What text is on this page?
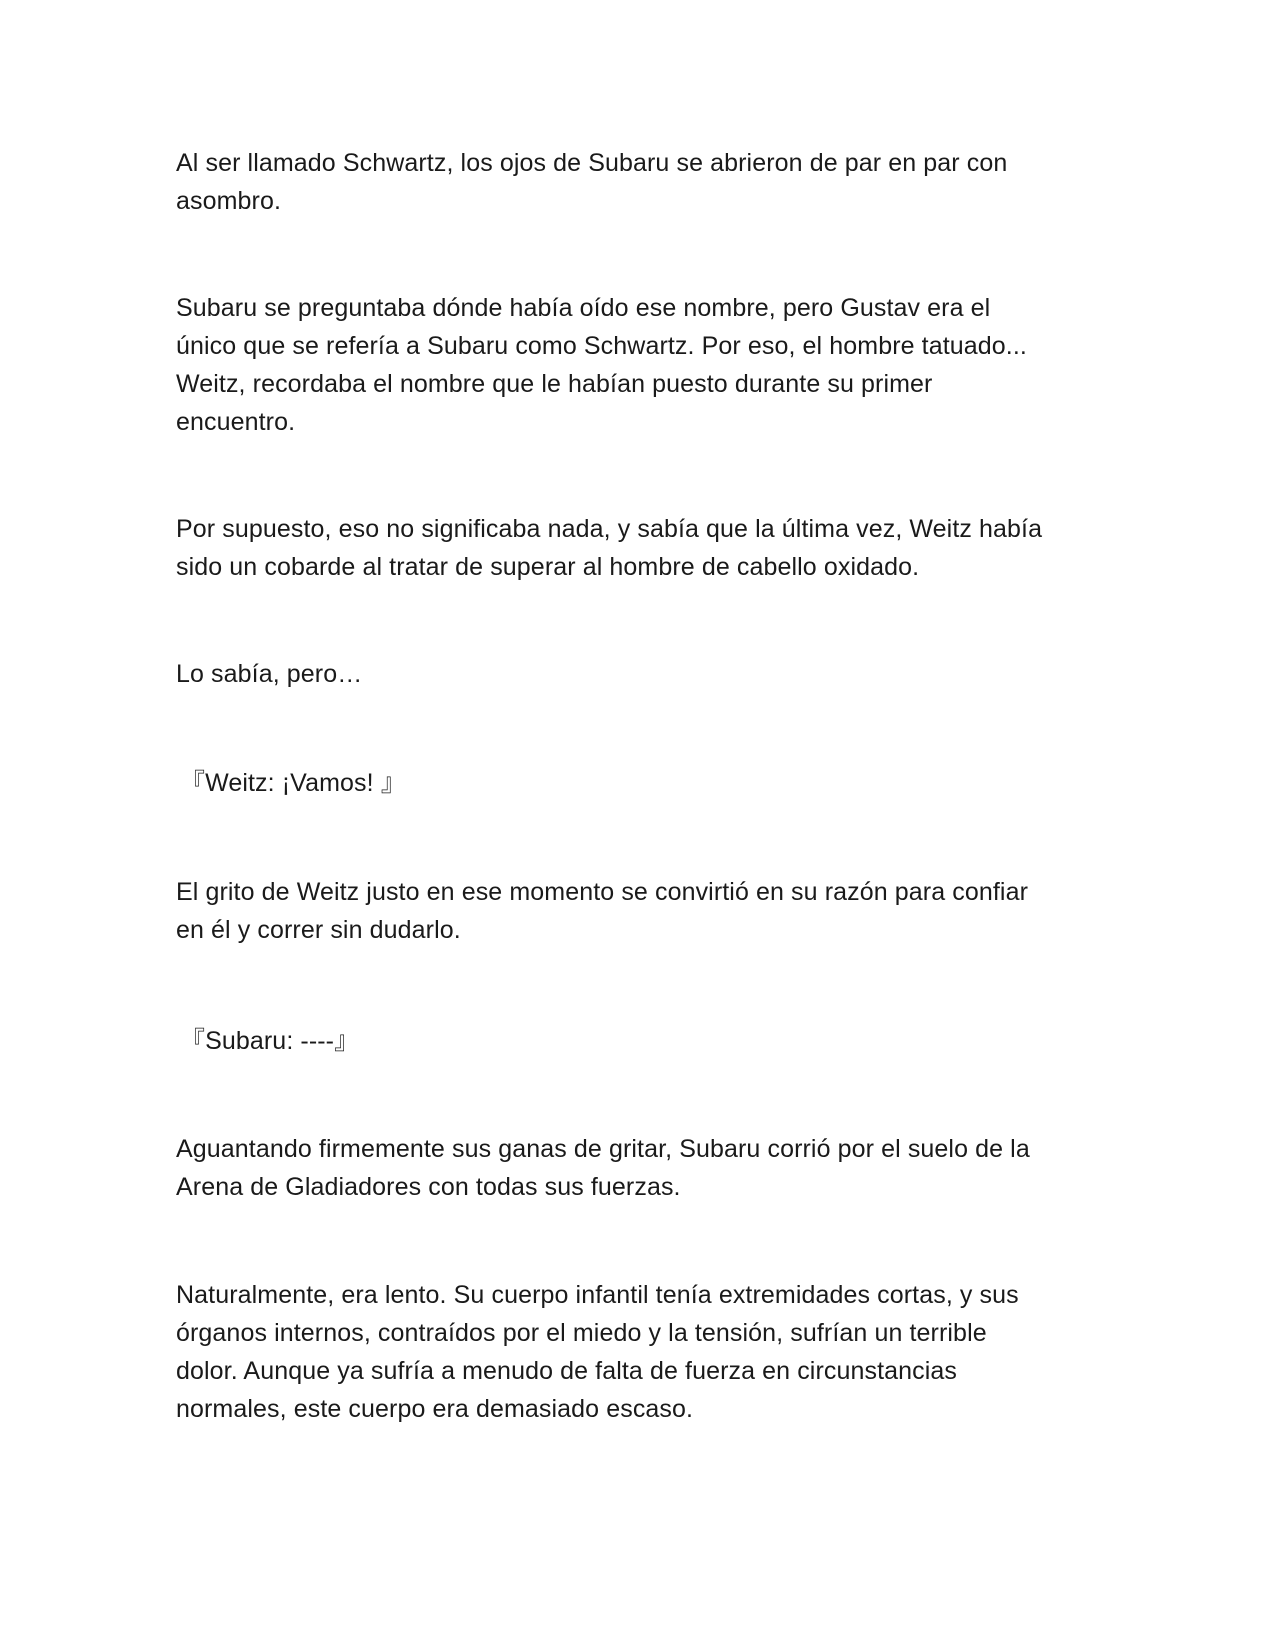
Al ser llamado Schwartz, los ojos de Subaru se abrieron de par en par con
asombro.

Subaru se preguntaba dónde había oído ese nombre, pero Gustav era el
único que se refería a Subaru como Schwartz. Por eso, el hombre tatuado...
Weitz, recordaba el nombre que le habían puesto durante su primer
encuentro.

Por supuesto, eso no significaba nada, y sabía que la última vez, Weitz había
sido un cobarde al tratar de superar al hombre de cabello oxidado.

Lo sabía, pero…

『Weitz: ¡Vamos! 』

El grito de Weitz justo en ese momento se convirtió en su razón para confiar
en él y correr sin dudarlo.

『Subaru: ----』

Aguantando firmemente sus ganas de gritar, Subaru corrió por el suelo de la
Arena de Gladiadores con todas sus fuerzas.

Naturalmente, era lento. Su cuerpo infantil tenía extremidades cortas, y sus
órganos internos, contraídos por el miedo y la tensión, sufrían un terrible
dolor. Aunque ya sufría a menudo de falta de fuerza en circunstancias
normales, este cuerpo era demasiado escaso.
